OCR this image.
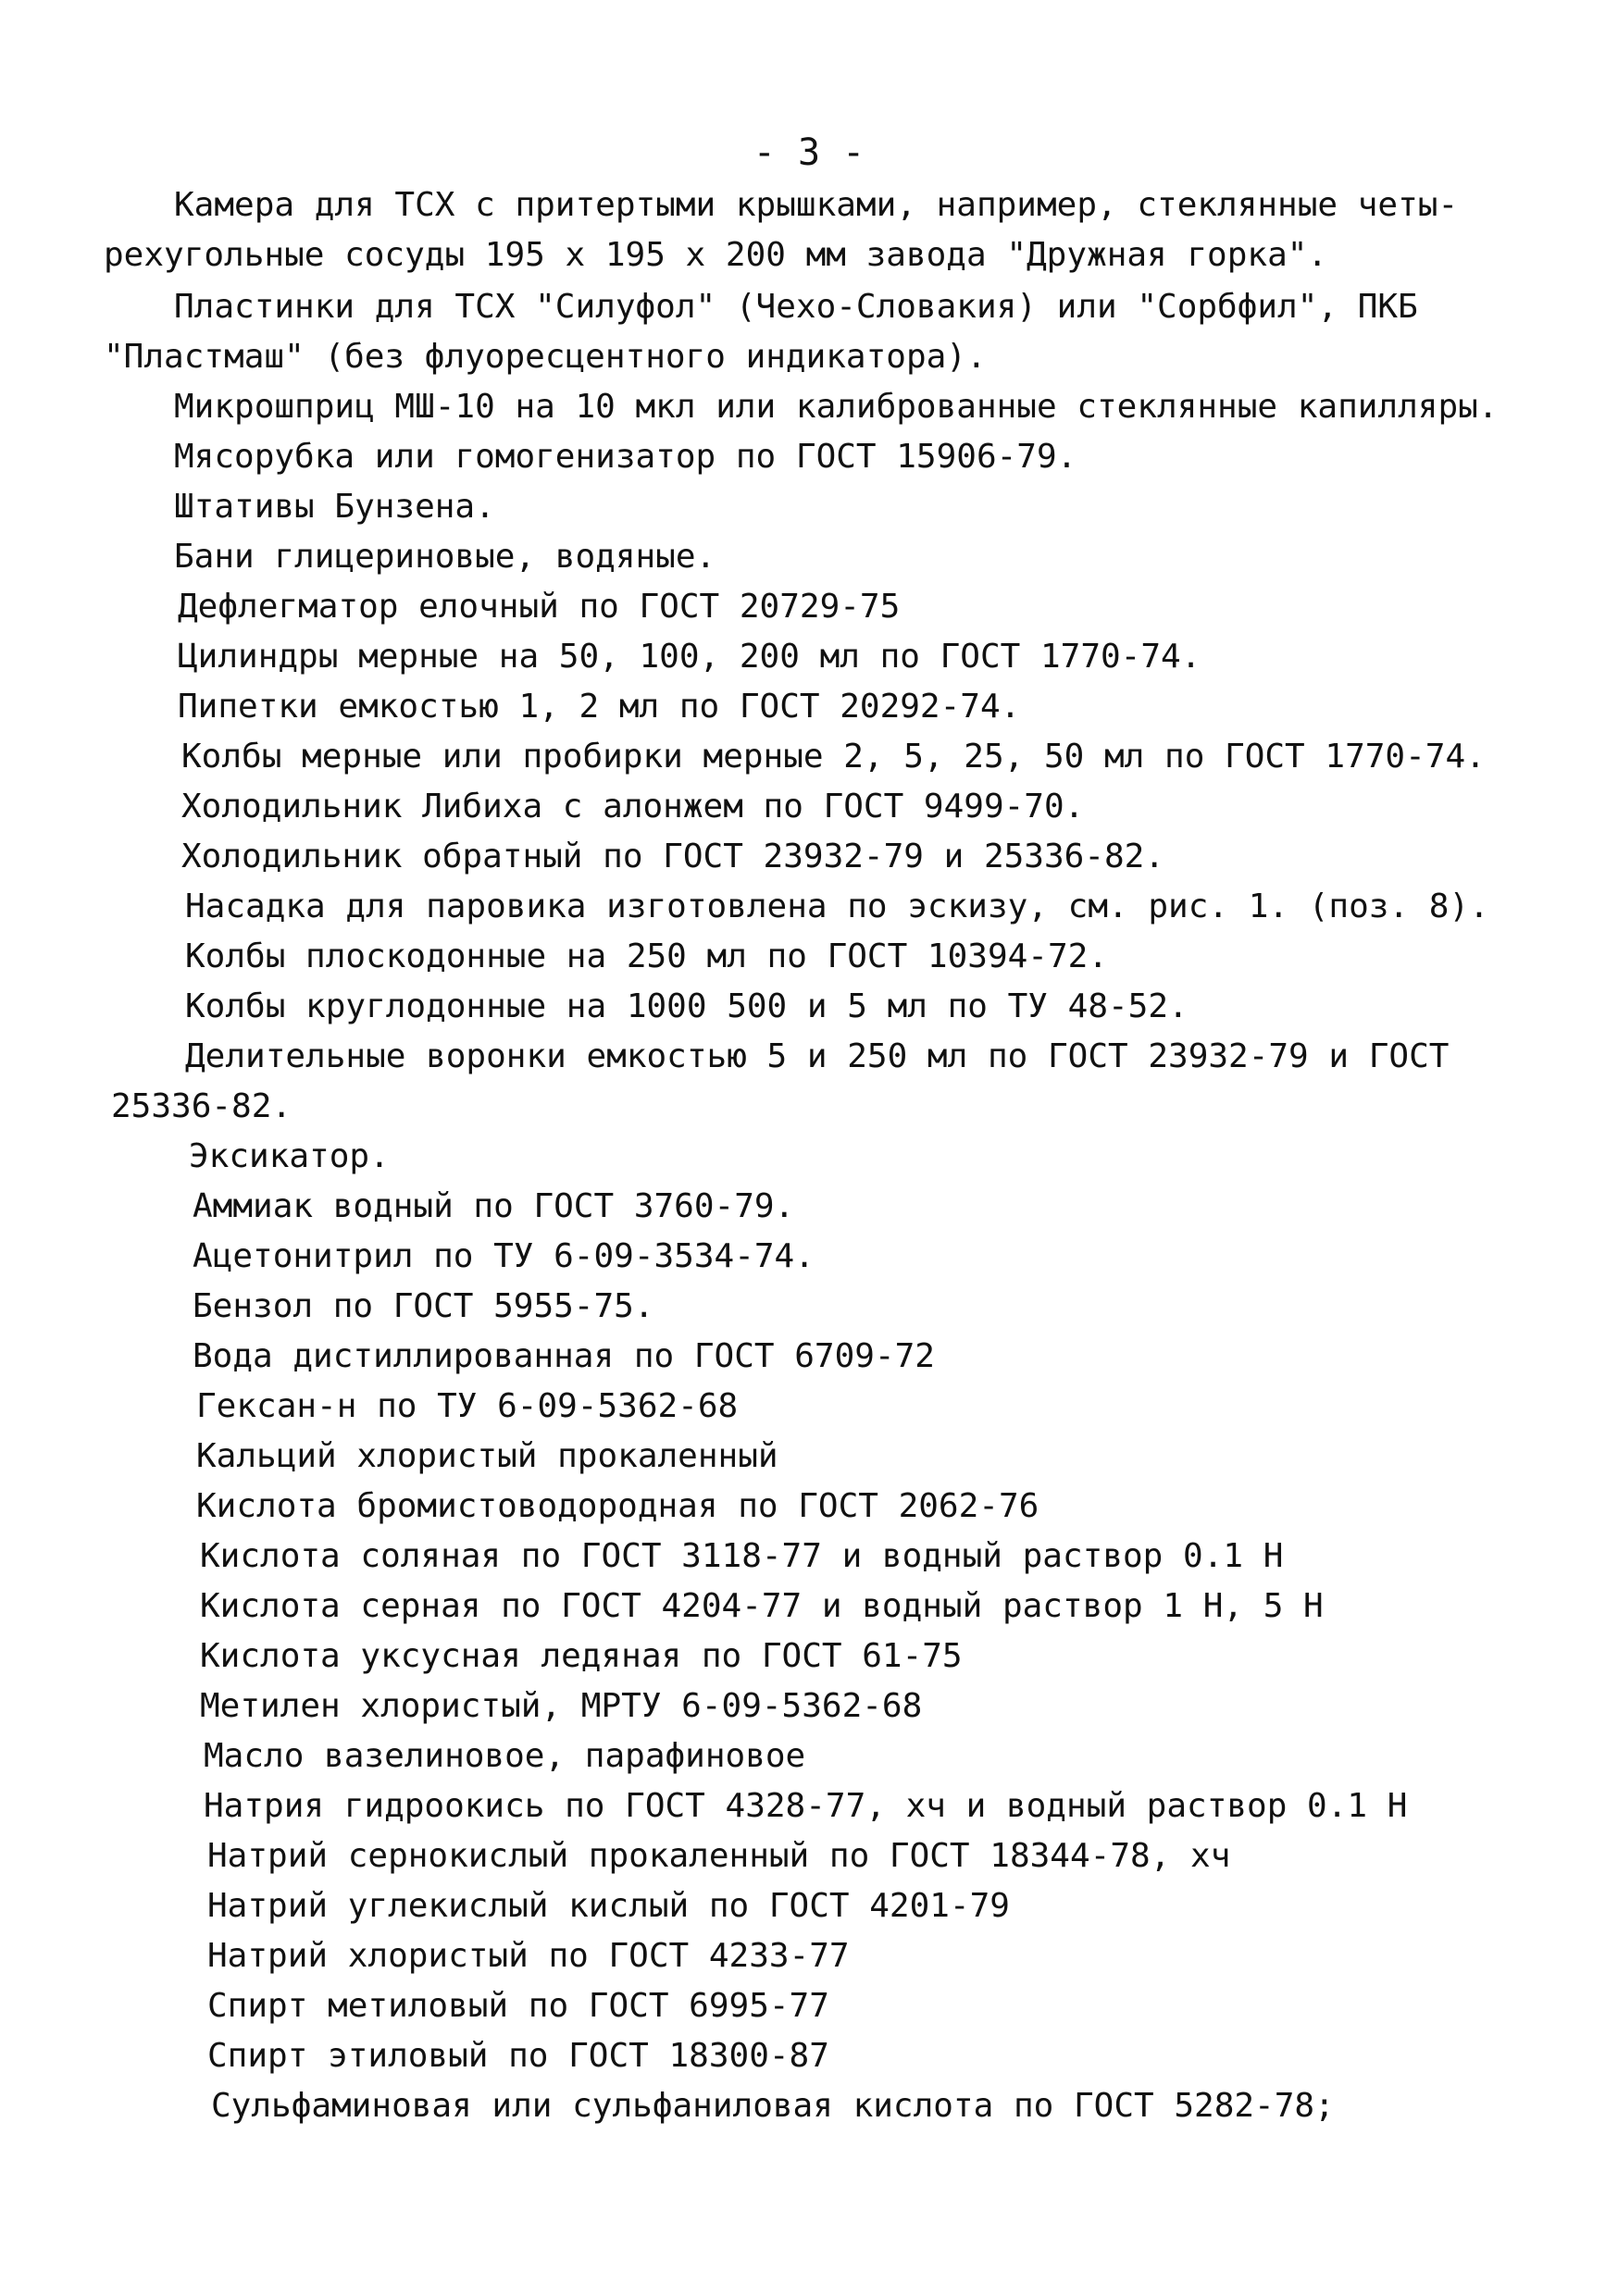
- 3 -
Камера для ТСХ с притертыми крышками, например, стеклянные четы-
рехугольные сосуды 195 х 195 х 200 мм завода "Дружная горка".
Пластинки для ТСХ "Силуфол" (Чехо-Словакия) или "Сорбфил", ПКБ
"Пластмаш" (без флуоресцентного индикатора).
Микрошприц МШ-10 на 10 мкл или калиброванные стеклянные капилляры.
Мясорубка или гомогенизатор по ГОСТ 15906-79.
Штативы Бунзена.
Бани глицериновые, водяные.
Дефлегматор елочный по ГОСТ 20729-75
Цилиндры мерные на 50, 100, 200 мл по ГОСТ 1770-74.
Пипетки емкостью 1, 2 мл по ГОСТ 20292-74.
Колбы мерные или пробирки мерные 2, 5, 25, 50 мл по ГОСТ 1770-74.
Холодильник Либиха с алонжем по ГОСТ 9499-70.
Холодильник обратный по ГОСТ 23932-79 и 25336-82.
Насадка для паровика изготовлена по эскизу, см. рис. 1. (поз. 8).
Колбы плоскодонные на 250 мл по ГОСТ 10394-72.
Колбы круглодонные на 1000 500 и 5 мл по ТУ 48-52.
Делительные воронки емкостью 5 и 250 мл по ГОСТ 23932-79 и ГОСТ
25336-82.
Эксикатор.
Аммиак водный по ГОСТ 3760-79.
Ацетонитрил по ТУ 6-09-3534-74.
Бензол по ГОСТ 5955-75.
Вода дистиллированная по ГОСТ 6709-72
Гексан-н по ТУ 6-09-5362-68
Кальций хлористый прокаленный
Кислота бромистоводородная по ГОСТ 2062-76
Кислота соляная по ГОСТ 3118-77 и водный раствор 0.1 Н
Кислота серная по ГОСТ 4204-77 и водный раствор 1 Н, 5 Н
Кислота уксусная ледяная по ГОСТ 61-75
Метилен хлористый, МРТУ 6-09-5362-68
Масло вазелиновое, парафиновое
Натрия гидроокись по ГОСТ 4328-77, хч и водный раствор 0.1 Н
Натрий сернокислый прокаленный по ГОСТ 18344-78, хч
Натрий углекислый кислый по ГОСТ 4201-79
Натрий хлористый по ГОСТ 4233-77
Спирт метиловый по ГОСТ 6995-77
Спирт этиловый по ГОСТ 18300-87
Сульфаминовая или сульфаниловая кислота по ГОСТ 5282-78;
